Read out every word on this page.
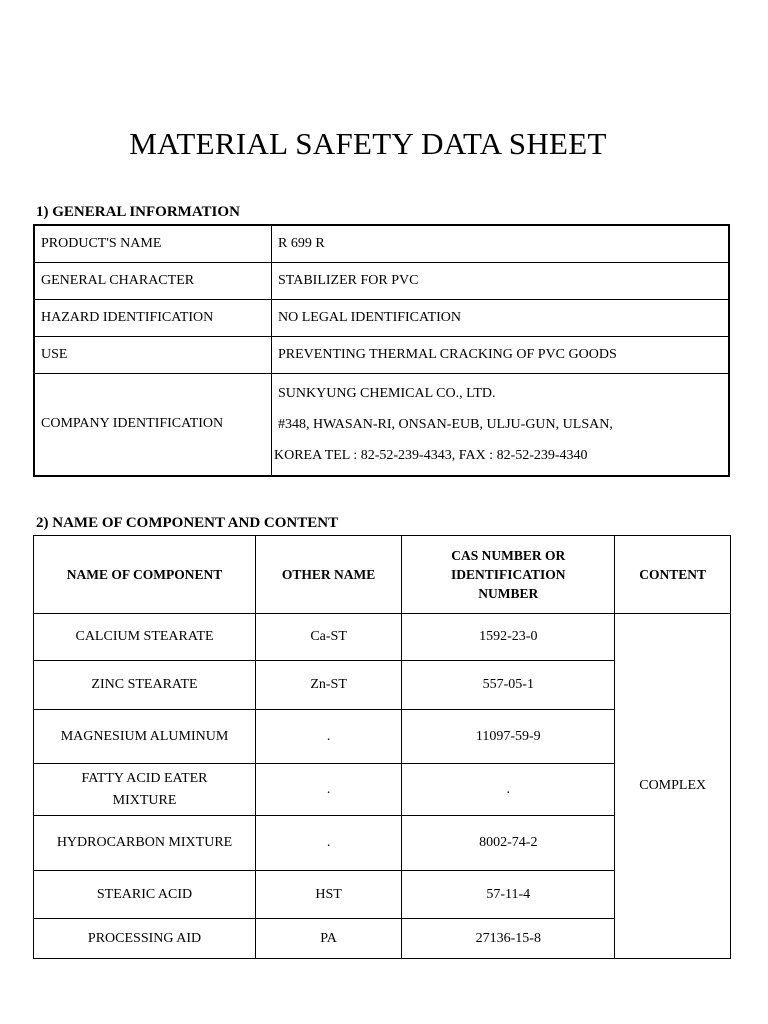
MATERIAL SAFETY DATA SHEET
1) GENERAL INFORMATION
PRODUCT'S NAME	R 699 R
GENERAL CHARACTER	STABILIZER FOR PVC
HAZARD IDENTIFICATION	NO LEGAL IDENTIFICATION
USE	PREVENTING THERMAL CRACKING OF PVC GOODS
COMPANY IDENTIFICATION	SUNKYUNG CHEMICAL CO., LTD.
#348, HWASAN-RI, ONSAN-EUB, ULJU-GUN, ULSAN,
KOREA TEL : 82-52-239-4343, FAX : 82-52-239-4340
2) NAME OF COMPONENT AND CONTENT
NAME OF COMPONENT	OTHER NAME	CAS NUMBER OR
IDENTIFICATION
NUMBER	CONTENT
CALCIUM STEARATE	Ca-ST	1592-23-0	COMPLEX
ZINC STEARATE	Zn-ST	557-05-1	
MAGNESIUM ALUMINUM	.	11097-59-9	

FATTY ACID EATER
MIXTURE	.	.	
HYDROCARBON MIXTURE	.	8002-74-2	
STEARIC ACID	HST	57-11-4	
PROCESSING AID	PA	27136-15-8	
